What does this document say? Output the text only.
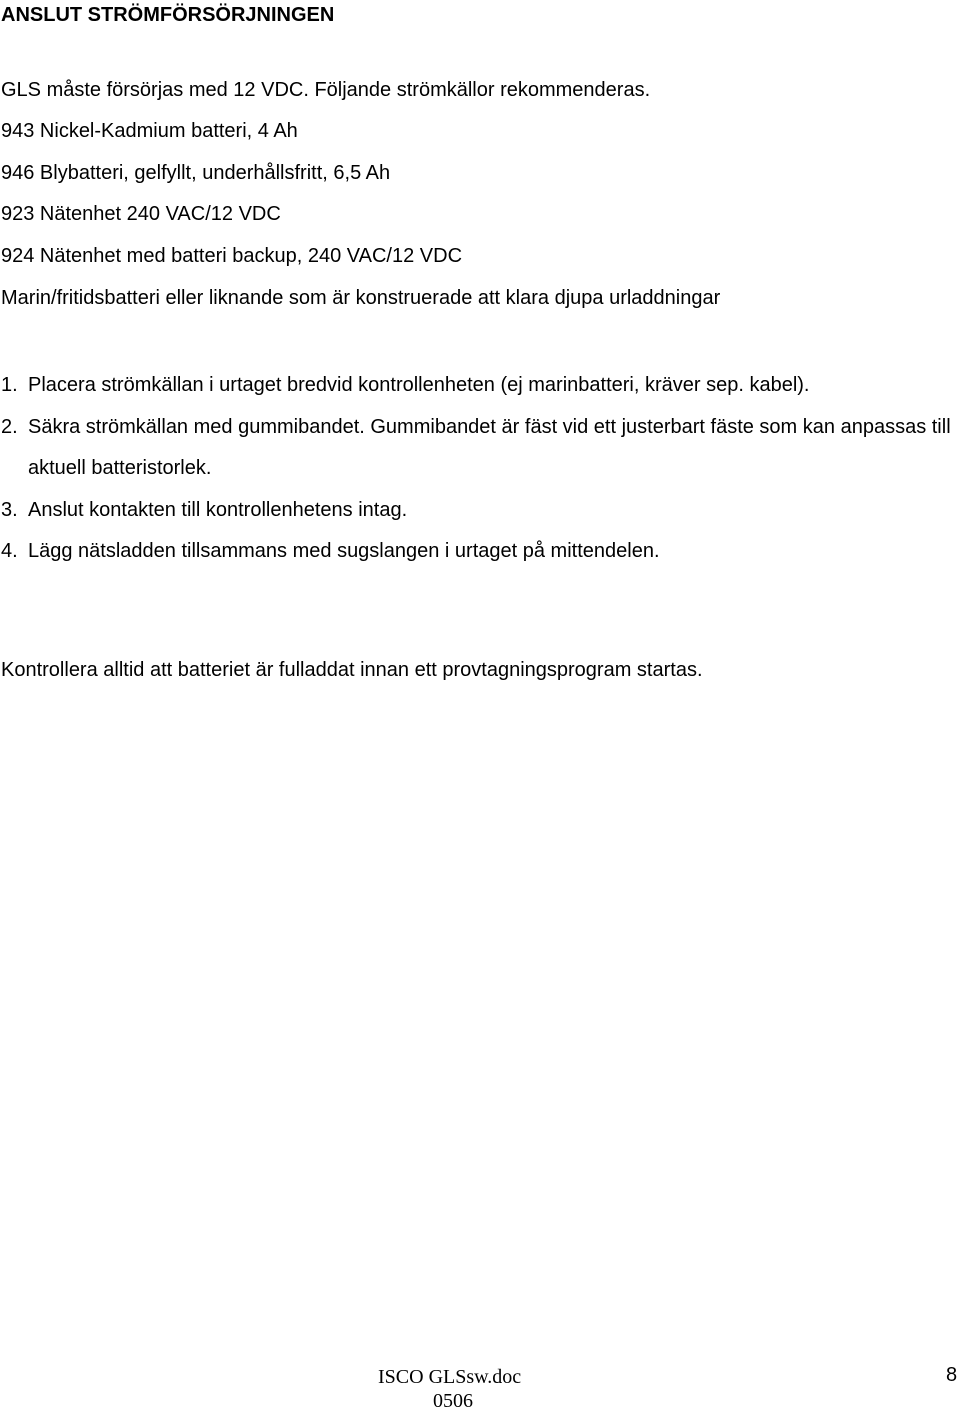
ANSLUT STRÖMFÖRSÖRJNINGEN

GLS måste försörjas med 12 VDC. Följande strömkällor rekommenderas.

943 Nickel-Kadmium batteri, 4 Ah

946 Blybatteri, gelfyllt, underhållsfritt, 6,5 Ah

923 Nätenhet 240 VAC/12 VDC

924 Nätenhet med batteri backup, 240 VAC/12 VDC

Marin/fritidsbatteri eller liknande som är konstruerade att klara djupa urladdningar

1. Placera strömkällan i urtaget bredvid kontrollenheten (ej marinbatteri, kräver sep. kabel).
2. Säkra strömkällan med gummibandet. Gummibandet är fäst vid ett justerbart fäste som kan anpassas till aktuell batteristorlek.
3. Anslut kontakten till kontrollenhetens intag.
4. Lägg nätsladden tillsammans med sugslangen i urtaget på mittendelen.

Kontrollera alltid att batteriet är fulladdat innan ett provtagningsprogram startas.

ISCO GLSsw.doc
0506
8
